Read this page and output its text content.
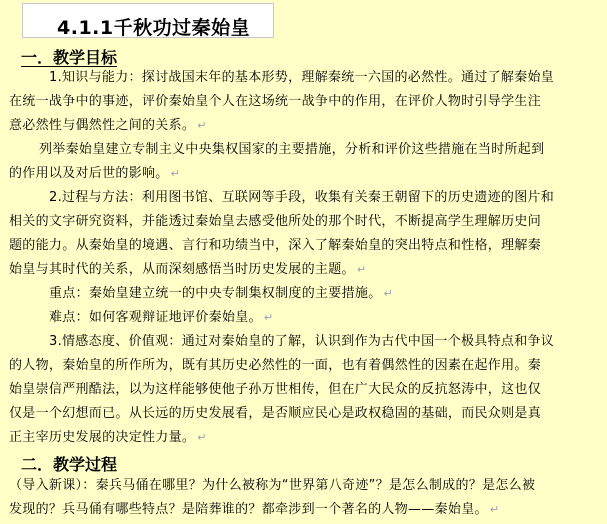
4.1.1千秋功过秦始皇
一．教学目标
1.知识与能力：探讨战国末年的基本形势，理解秦统一六国的必然性。通过了解秦始皇
在统一战争中的事迹，评价秦始皇个人在这场统一战争中的作用，在评价人物时引导学生注
意必然性与偶然性之间的关系。 ↵
列举秦始皇建立专制主义中央集权国家的主要措施，分析和评价这些措施在当时所起到
的作用以及对后世的影响。 ↵
2.过程与方法：利用图书馆、互联网等手段，收集有关秦王朝留下的历史遗迹的图片和
相关的文字研究资料，并能透过秦始皇去感受他所处的那个时代，不断提高学生理解历史问
题的能力。从秦始皇的境遇、言行和功绩当中，深入了解秦始皇的突出特点和性格，理解秦
始皇与其时代的关系，从而深刻感悟当时历史发展的主题。 ↵
重点：秦始皇建立统一的中央专制集权制度的主要措施。 ↵
难点：如何客观辩证地评价秦始皇。 ↵
3.情感态度、价值观：通过对秦始皇的了解，认识到作为古代中国一个极具特点和争议
的人物，秦始皇的所作所为，既有其历史必然性的一面，也有着偶然性的因素在起作用。秦
始皇崇信严刑酷法，以为这样能够使他子孙万世相传，但在广大民众的反抗怒涛中，这也仅
仅是一个幻想而已。从长远的历史发展看，是否顺应民心是政权稳固的基础，而民众则是真
正主宰历史发展的决定性力量。 ↵
二．教学过程
（导入新课）：秦兵马俑在哪里？为什么被称为“世界第八奇迹”？是怎么制成的？是怎么被
发现的？兵马俑有哪些特点？是陪葬谁的？都牵涉到一个著名的人物——秦始皇。 ↵
